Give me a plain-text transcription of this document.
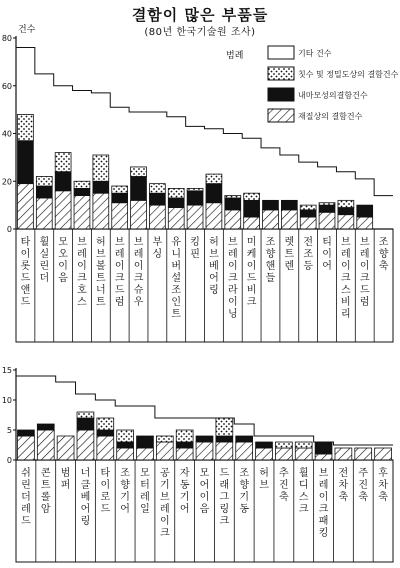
결함이 많은 부품들
(80년 한국기술원 조사)
0
20
40
60
80
건수
타 이 롯 드 앤 드
휠 실 린 더
모 오 이 음
브 레 이 크 호 스
허 브 볼 트 너 트
브 레 이 크 드 럼
브 레 이 크 슈 우
부 싱
유 니 버 설 조 인 트
킹 핀
허 브 베 어 링
브 레 이 크 라 이 닝
미 케 이 드 비 크
조 향 핸 들
렛 트 렌
전 조 등
티 이 어
브 레 이 크 스 비 리
브 레 이 크 드 럼
조 향 축
범례	기타 건수
칫수 및 정밀도상의 결함건수
내마모성의결함건수
재질상의 결함건수
0
5
10
15
쉬 린 더 레 드
콘 트 롤 암
범 퍼
너 클 베 어 링
타 이 로 드
조 향 기 어
모 터 레 일
공 기 브 레 이 크
자 동 기 어
모 어 이 음
드 래 그 링 크
조 향 기 동
허 브
추 진 축
휠 디 스 크
브 레 이 크 패 킹
전 차 축
주 진 축
후 차 축
